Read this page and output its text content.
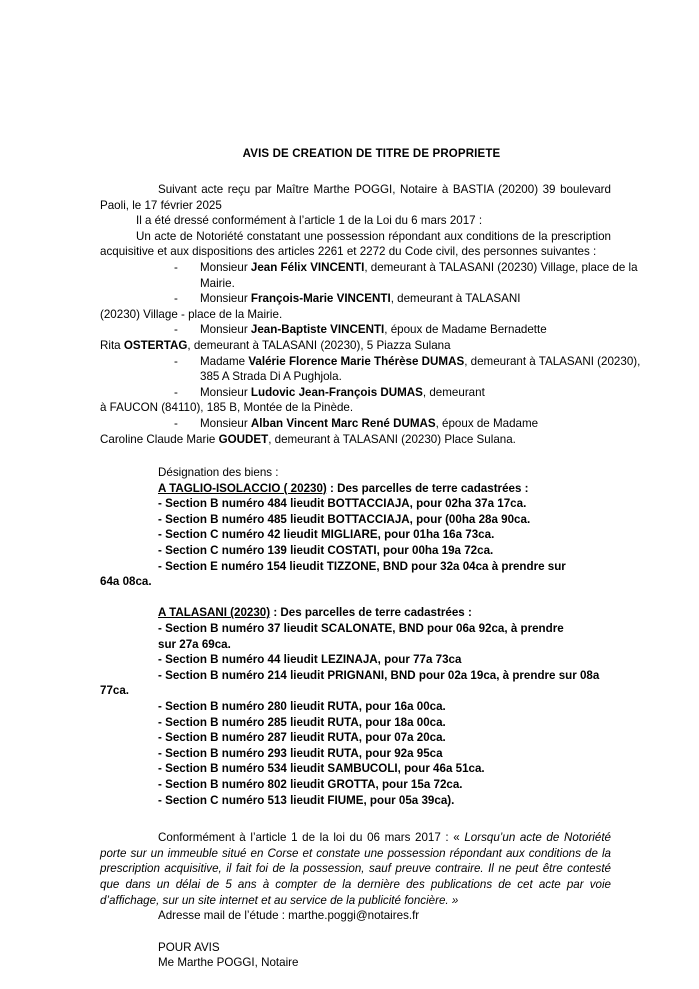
AVIS DE CREATION DE TITRE DE PROPRIETE

Suivant acte reçu par Maître Marthe POGGI, Notaire à BASTIA (20200) 39 boulevard Paoli, le 17 février 2025

Il a été dressé conformément à l’article 1 de la Loi du 6 mars 2017 :

Un acte de Notoriété constatant une possession répondant aux conditions de la prescription acquisitive et aux dispositions des articles 2261 et 2272 du Code civil, des personnes suivantes :

- Monsieur Jean Félix VINCENTI, demeurant à TALASANI (20230) Village, place de la
Mairie.
- Monsieur François-Marie VINCENTI, demeurant à TALASANI
(20230) Village - place de la Mairie.
- Monsieur Jean-Baptiste VINCENTI, époux de Madame Bernadette
Rita OSTERTAG, demeurant à TALASANI (20230), 5 Piazza Sulana
- Madame Valérie Florence Marie Thérèse DUMAS, demeurant à TALASANI (20230),
385 A Strada Di A Pughjola.
- Monsieur Ludovic Jean-François DUMAS, demeurant
à FAUCON (84110), 185 B, Montée de la Pinède.
- Monsieur Alban Vincent Marc René DUMAS, époux de Madame
Caroline Claude Marie GOUDET, demeurant à TALASANI (20230) Place Sulana.
Désignation des biens :
A TAGLIO-ISOLACCIO ( 20230) : Des parcelles de terre cadastrées :
- Section B numéro 484 lieudit BOTTACCIAJA, pour 02ha 37a 17ca.
- Section B numéro 485 lieudit BOTTACCIAJA, pour (00ha 28a 90ca.
- Section C numéro 42 lieudit MIGLIARE, pour 01ha 16a 73ca.
- Section C numéro 139 lieudit COSTATI, pour 00ha 19a 72ca.
- Section E numéro 154 lieudit TIZZONE, BND pour 32a 04ca à prendre sur
64a 08ca.
A TALASANI (20230) : Des parcelles de terre cadastrées :
- Section B numéro 37 lieudit SCALONATE, BND pour 06a 92ca, à prendre
sur 27a 69ca.
- Section B numéro 44 lieudit LEZINAJA, pour 77a 73ca
- Section B numéro 214 lieudit PRIGNANI, BND pour 02a 19ca, à prendre sur 08a
77ca.
- Section B numéro 280 lieudit RUTA, pour 16a 00ca.
- Section B numéro 285 lieudit RUTA, pour 18a 00ca.
- Section B numéro 287 lieudit RUTA, pour 07a 20ca.
- Section B numéro 293 lieudit RUTA, pour 92a 95ca
- Section B numéro 534 lieudit SAMBUCOLI, pour 46a 51ca.
- Section B numéro 802 lieudit GROTTA, pour 15a 72ca.
- Section C numéro 513 lieudit FIUME, pour 05a 39ca).
Conformément à l’article 1 de la loi du 06 mars 2017 : « Lorsqu’un acte de Notoriété porte sur un immeuble situé en Corse et constate une possession répondant aux conditions de la prescription acquisitive, il fait foi de la possession, sauf preuve contraire. Il ne peut être contesté que dans un délai de 5 ans à compter de la dernière des publications de cet acte par voie d’affichage, sur un site internet et au service de la publicité foncière. »
Adresse mail de l’étude : marthe.poggi@notaires.fr
POUR AVIS
Me Marthe POGGI, Notaire
